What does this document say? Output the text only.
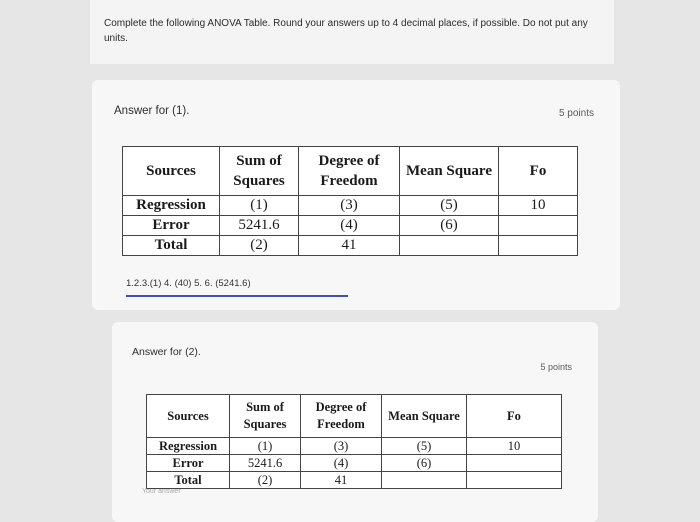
Complete the following ANOVA Table. Round your answers up to 4 decimal places, if possible. Do not put any units.
Answer for (1).	5 points
Sources	Sum of Squares	Degree of Freedom	Mean Square	Fo
Regression	(1)	(3)	(5)	10
Error	5241.6	(4)	(6)	
Total	(2)	41		
1.2.3.(1) 4. (40) 5. 6. (5241.6)
Answer for (2).
5 points
Sources	Sum of Squares	Degree of Freedom	Mean Square	Fo
Regression	(1)	(3)	(5)	10
Error	5241.6	(4)	(6)	
Total	(2)	41		
Your answer
